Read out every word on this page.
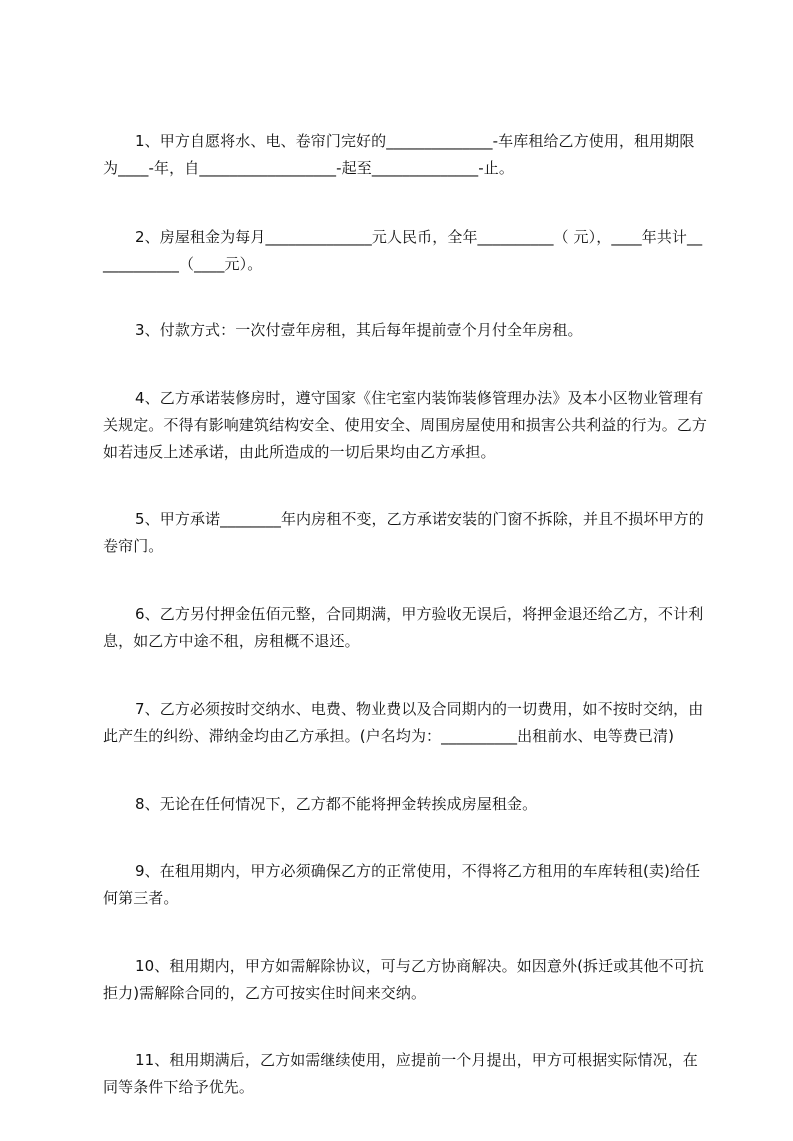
1、甲方自愿将水、电、卷帘门完好的______________-车库租给乙方使用，租用期限为____-年，自__________________-起至______________-止。

2、房屋租金为每月______________元人民币，全年__________（ 元），____年共计____________（____元）。

3、付款方式：一次付壹年房租，其后每年提前壹个月付全年房租。

4、乙方承诺装修房时，遵守国家《住宅室内装饰装修管理办法》及本小区物业管理有关规定。不得有影响建筑结构安全、使用安全、周围房屋使用和损害公共利益的行为。乙方如若违反上述承诺，由此所造成的一切后果均由乙方承担。

5、甲方承诺________年内房租不变，乙方承诺安装的门窗不拆除，并且不损坏甲方的卷帘门。

6、乙方另付押金伍佰元整，合同期满，甲方验收无误后，将押金退还给乙方，不计利息，如乙方中途不租，房租概不退还。

7、乙方必须按时交纳水、电费、物业费以及合同期内的一切费用，如不按时交纳，由此产生的纠纷、滞纳金均由乙方承担。(户名均为：__________出租前水、电等费已清)

8、无论在任何情况下，乙方都不能将押金转挨成房屋租金。

9、在租用期内，甲方必须确保乙方的正常使用，不得将乙方租用的车库转租(卖)给任何第三者。

10、租用期内，甲方如需解除协议，可与乙方协商解决。如因意外(拆迁或其他不可抗拒力)需解除合同的，乙方可按实住时间来交纳。

11、租用期满后，乙方如需继续使用，应提前一个月提出，甲方可根据实际情况，在同等条件下给予优先。
